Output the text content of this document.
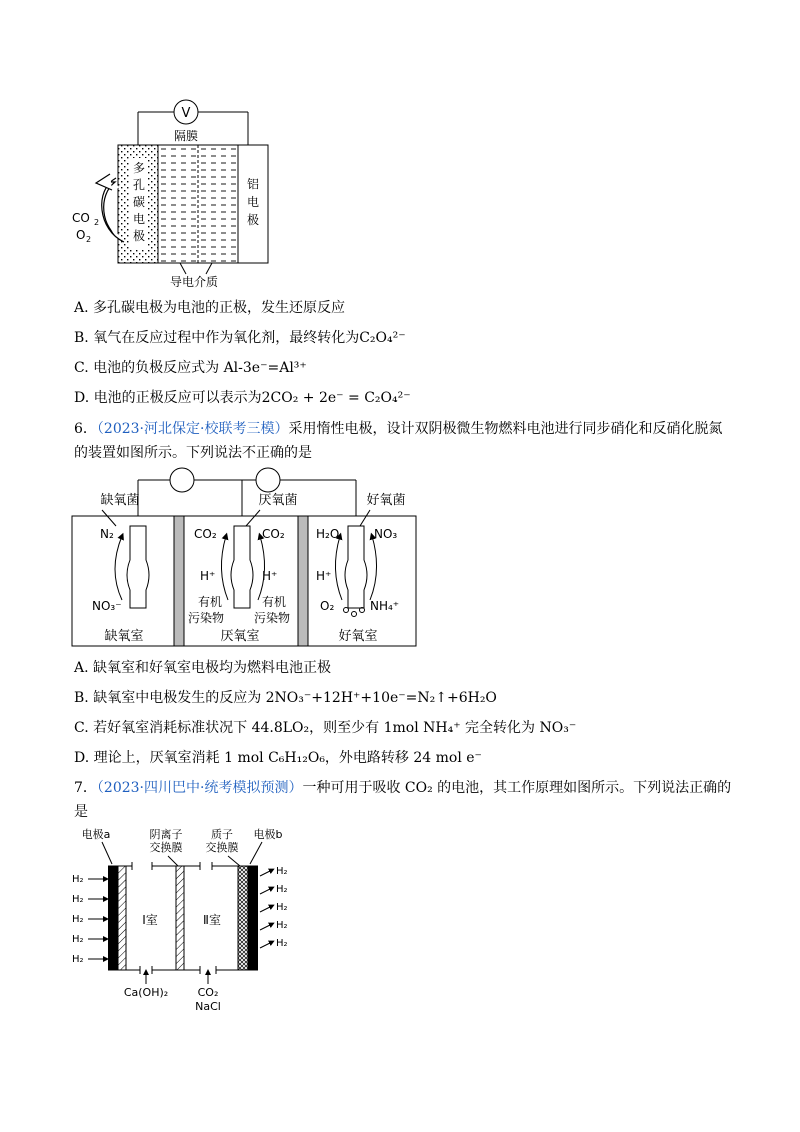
V
隔膜
多
孔
碳
电
极
铝
电
极
CO 2
O 2
导电介质
A. 多孔碳电极为电池的正极，发生还原反应
B. 氧气在反应过程中作为氧化剂，最终转化为C₂O₄²⁻
C. 电池的负极反应式为 Al-3e⁻=Al³⁺
D. 电池的正极反应可以表示为2CO₂ + 2e⁻ = C₂O₄²⁻
6．（2023·河北保定·校联考三模）采用惰性电极，设计双阴极微生物燃料电池进行同步硝化和反硝化脱氮
的装置如图所示。下列说法不正确的是
缺氧菌	厌氧菌	好氧菌
N₂
NO₃⁻
CO₂	CO₂
H⁺	H⁺
有机
污染物
有机
污染物
H₂O	NO₃
H⁺
O₂	NH₄⁺
缺氧室	厌氧室	好氧室
A. 缺氧室和好氧室电极均为燃料电池正极
B. 缺氧室中电极发生的反应为 2NO₃⁻+12H⁺+10e⁻=N₂↑+6H₂O
C. 若好氧室消耗标准状况下 44.8LO₂，则至少有 1mol NH₄⁺ 完全转化为 NO₃⁻
D. 理论上，厌氧室消耗 1 mol C₆H₁₂O₆，外电路转移 24 mol e⁻
7．（2023·四川巴中·统考模拟预测）一种可用于吸收 CO₂ 的电池，其工作原理如图所示。下列说法正确的
是
电极a	阴离子
交换膜
质子
交换膜
电极b
Ⅰ室	Ⅱ室
H₂
H₂
H₂
H₂
H₂
H₂
H₂
H₂
H₂
H₂
Ca(OH)₂	CO₂
NaCl
